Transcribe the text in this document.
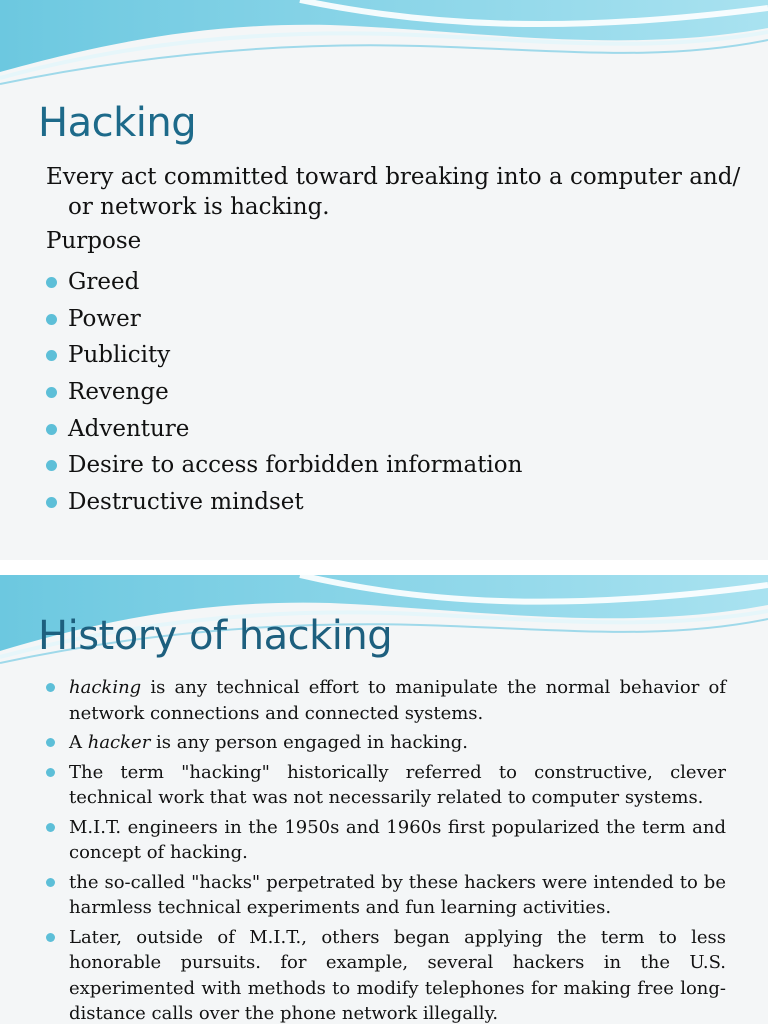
Hacking

Every act committed toward breaking into a computer and/ or network is hacking.

Purpose

Greed
Power
Publicity
Revenge
Adventure
Desire to access forbidden information
Destructive mindset
History of hacking
hacking is any technical effort to manipulate the normal behavior of network connections and connected systems.
A hacker is any person engaged in hacking.
The term "hacking" historically referred to constructive, clever technical work that was not necessarily related to computer systems.
M.I.T. engineers in the 1950s and 1960s first popularized the term and concept of hacking.
the so-called "hacks" perpetrated by these hackers were intended to be harmless technical experiments and fun learning activities.
Later, outside of M.I.T., others began applying the term to less honorable pursuits. for example, several hackers in the U.S. experimented with methods to modify telephones for making free long-distance calls over the phone network illegally.
